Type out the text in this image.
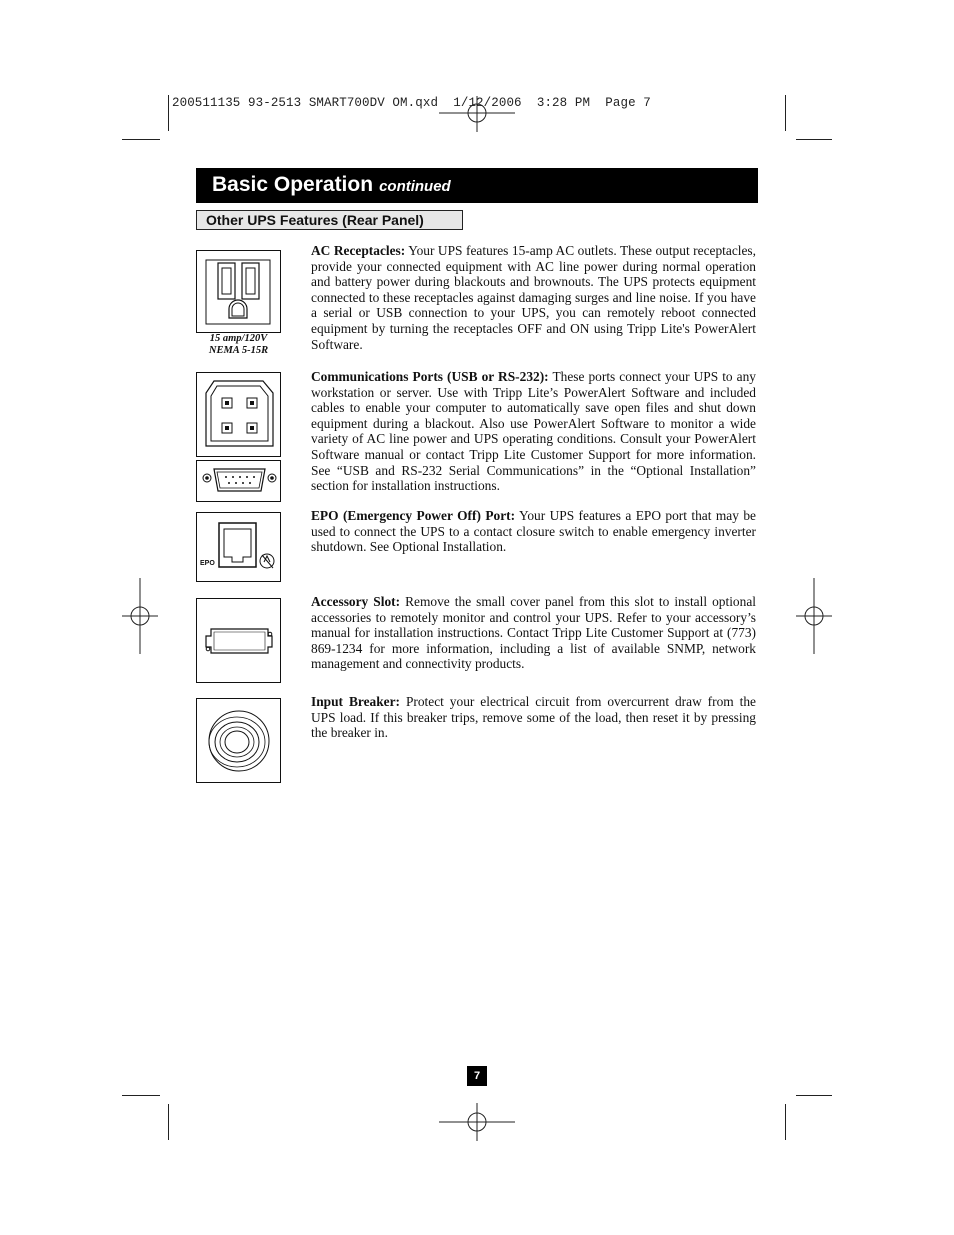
200511135 93-2513 SMART700DV OM.qxd  1/12/2006  3:28 PM  Page 7
Basic Operation continued
Other UPS Features (Rear Panel)
15 amp/120V
NEMA 5-15R
EPO
AC Receptacles: Your UPS features 15-amp AC outlets. These output receptacles, provide your connected equipment with AC line power during normal operation and battery power during blackouts and brownouts. The UPS protects equipment connected to these receptacles against damaging surges and line noise. If you have a serial or USB connection to your UPS, you can remotely reboot connected equipment by turning the receptacles OFF and ON using Tripp Lite's PowerAlert Software.
Communications Ports (USB or RS-232): These ports connect your UPS to any workstation or server. Use with Tripp Lite’s PowerAlert Software and included cables to enable your computer to automatically save open files and shut down equipment during a blackout. Also use PowerAlert Software to monitor a wide variety of AC line power and UPS operating conditions. Consult your PowerAlert Software manual or contact Tripp Lite Customer Support for more information. See “USB and RS-232 Serial Communications” in the “Optional Installation” section for installation instructions.
EPO (Emergency Power Off) Port: Your UPS features a EPO port that may be used to connect the UPS to a contact closure switch to enable emergency inverter shutdown. See Optional Installation.
Accessory Slot: Remove the small cover panel from this slot to install optional accessories to remotely monitor and control your UPS. Refer to your accessory’s manual for installation instructions. Contact Tripp Lite Customer Support at (773) 869-1234 for more information, including a list of available SNMP, network management and connectivity products.
Input Breaker: Protect your electrical circuit from overcurrent draw from the UPS load. If this breaker trips, remove some of the load, then reset it by pressing the breaker in.
7
